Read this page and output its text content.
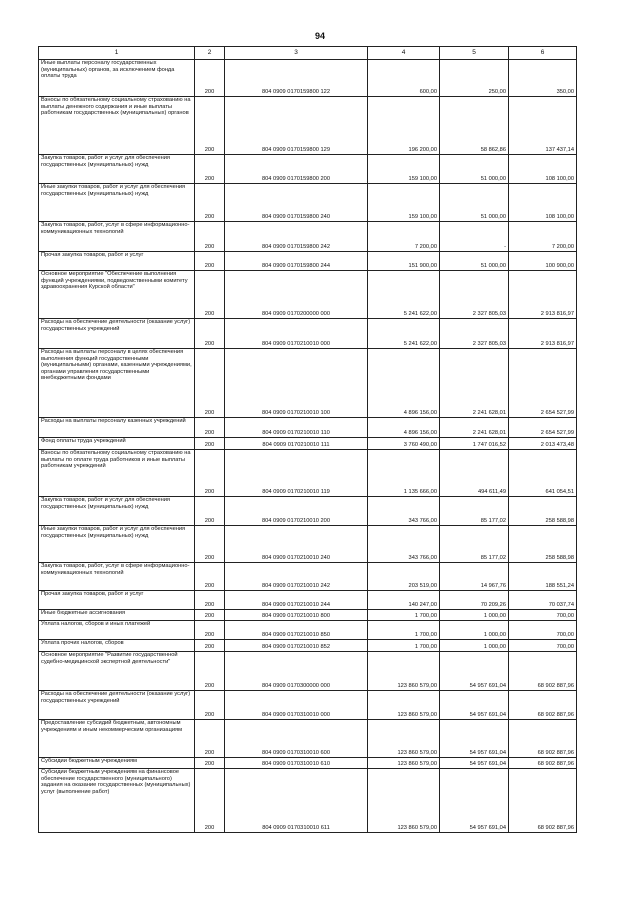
94
1	2	3	4	5	6
Иные выплаты персоналу государственных (муниципальных) органов, за исключением фонда оплаты труда	200	804 0909 0170159800 122	600,00	250,00	350,00
Взносы по обязательному социальному страхованию на выплаты денежного содержания и иные выплаты работникам государственных (муниципальных) органов	200	804 0909 0170159800 129	196 200,00	58 862,86	137 437,14
Закупка товаров, работ и услуг для обеспечения государственных (муниципальных) нужд	200	804 0909 0170159800 200	159 100,00	51 000,00	108 100,00
Иные закупки товаров, работ и услуг для обеспечения государственных (муниципальных) нужд	200	804 0909 0170159800 240	159 100,00	51 000,00	108 100,00
Закупка товаров, работ, услуг в сфере информационно-коммуникационных технологий	200	804 0909 0170159800 242	7 200,00	-	7 200,00
Прочая закупка товаров, работ и услуг	200	804 0909 0170159800 244	151 900,00	51 000,00	100 900,00
Основное мероприятие "Обеспечение выполнения функций учреждениями, подведомственными комитету здравоохранения Курской области"	200	804 0909 0170200000 000	5 241 622,00	2 327 805,03	2 913 816,97
Расходы на обеспечение деятельности (оказание услуг) государственных учреждений	200	804 0909 0170210010 000	5 241 622,00	2 327 805,03	2 913 816,97
Расходы на выплаты персоналу в целях обеспечения выполнения функций государственными (муниципальными) органами, казенными учреждениями, органами управления государственными внебюджетными фондами	200	804 0909 0170210010 100	4 896 156,00	2 241 628,01	2 654 527,99
Расходы на выплаты персоналу казенных учреждений	200	804 0909 0170210010 110	4 896 156,00	2 241 628,01	2 654 527,99
Фонд оплаты труда учреждений	200	804 0909 0170210010 111	3 760 490,00	1 747 016,52	2 013 473,48
Взносы по обязательному социальному страхованию на выплаты по оплате труда работников и иные выплаты работникам учреждений	200	804 0909 0170210010 119	1 135 666,00	494 611,49	641 054,51
Закупка товаров, работ и услуг для обеспечения государственных (муниципальных) нужд	200	804 0909 0170210010 200	343 766,00	85 177,02	258 588,98
Иные закупки товаров, работ и услуг для обеспечения государственных (муниципальных) нужд	200	804 0909 0170210010 240	343 766,00	85 177,02	258 588,98
Закупка товаров, работ, услуг в сфере информационно-коммуникационных технологий	200	804 0909 0170210010 242	203 519,00	14 967,76	188 551,24
Прочая закупка товаров, работ и услуг	200	804 0909 0170210010 244	140 247,00	70 209,26	70 037,74
Иные бюджетные ассигнования	200	804 0909 0170210010 800	1 700,00	1 000,00	700,00
Уплата налогов, сборов и иных платежей	200	804 0909 0170210010 850	1 700,00	1 000,00	700,00
Уплата прочих налогов, сборов	200	804 0909 0170210010 852	1 700,00	1 000,00	700,00
Основное мероприятие "Развитие государственной судебно-медицинской экспертной деятельности"	200	804 0909 0170300000 000	123 860 579,00	54 957 691,04	68 902 887,96
Расходы на обеспечение деятельности (оказание услуг) государственных учреждений	200	804 0909 0170310010 000	123 860 579,00	54 957 691,04	68 902 887,96
Предоставление субсидий бюджетным, автономным учреждениям и иным некоммерческим организациям	200	804 0909 0170310010 600	123 860 579,00	54 957 691,04	68 902 887,96
Субсидии бюджетным учреждениям	200	804 0909 0170310010 610	123 860 579,00	54 957 691,04	68 902 887,96
Субсидии бюджетным учреждениям на финансовое обеспечение государственного (муниципального) задания на оказание государственных (муниципальных) услуг (выполнение работ)	200	804 0909 0170310010 611	123 860 579,00	54 957 691,04	68 902 887,96
